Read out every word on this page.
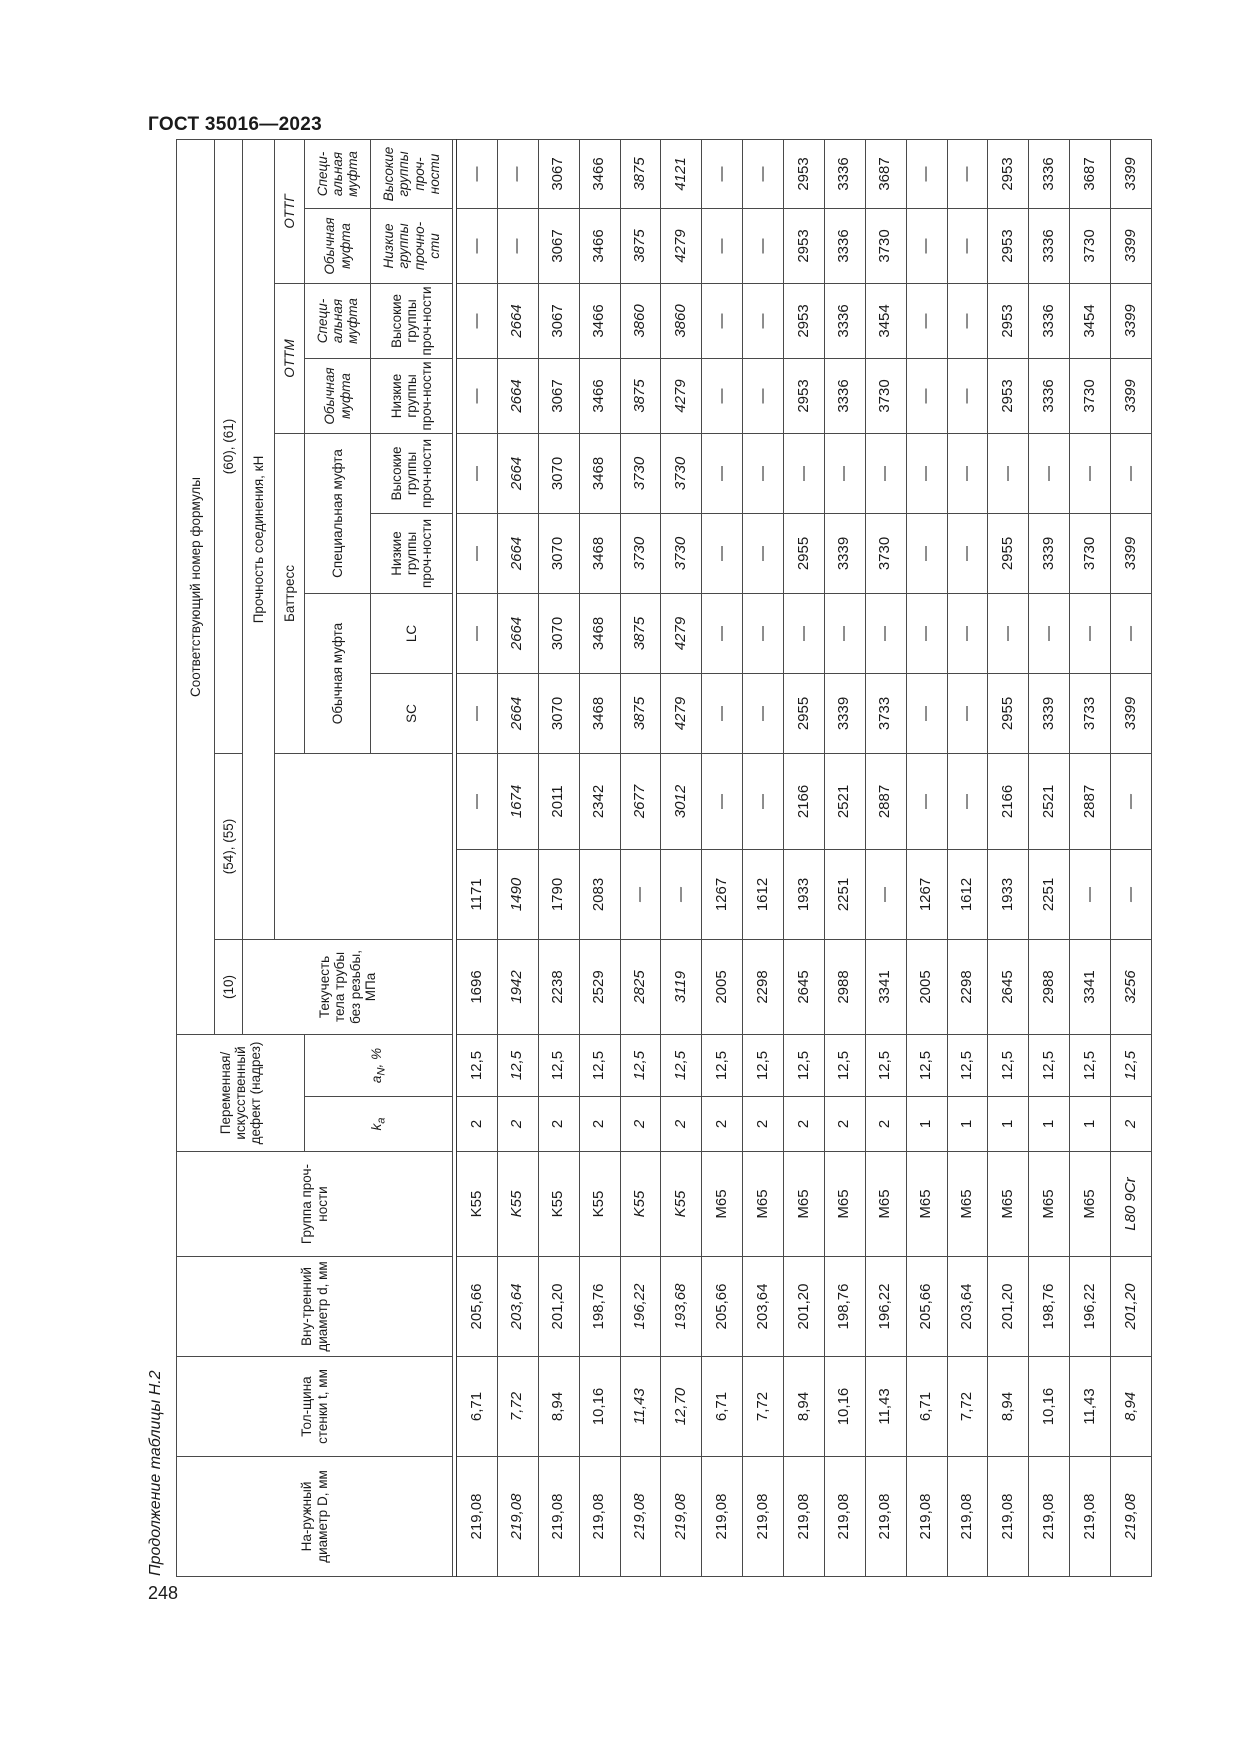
ГОСТ 35016—2023
Продолжение таблицы Н.2
248
На-ружный диаметр D, мм	Тол-щина стенки t, мм	Вну-тренний диаметр d, мм	Группа проч-ности	Переменная/искусственный дефект (надрез)		Соответствующий номер формулы											
						(10)	(54), (55)		(60), (61)								
						Текучесть тела трубы без резьбы, МПа	Прочность соединения, кН										
									Баттресс				ОТТМ		ОТТГ		
				$k_a$	$a_N$, %				Обычная муфта		Специальная муфта		Обычная муфта	Специ-альная муфта	Обычная муфта	Специ-альная муфта	
									SC	LC	Низкие группы проч-ности	Высокие группы проч-ности	Низкие группы проч-ности	Высокие группы проч-ности	Низкие группы прочно-сти	Высокие группы проч-ности		

219,08	6,71	205,66	K55	2	12,5	1696	1171	—	—	—	—	—	—	—	—	—	
219,08	7,72	203,64	K55	2	12,5	1942	1490	1674	2664	2664	2664	2664	2664	2664	—	—	
219,08	8,94	201,20	K55	2	12,5	2238	1790	2011	3070	3070	3070	3070	3067	3067	3067	3067	
219,08	10,16	198,76	K55	2	12,5	2529	2083	2342	3468	3468	3468	3468	3466	3466	3466	3466	
219,08	11,43	196,22	K55	2	12,5	2825	—	2677	3875	3875	3730	3730	3875	3860	3875	3875	
219,08	12,70	193,68	K55	2	12,5	3119	—	3012	4279	4279	3730	3730	4279	3860	4279	4121	
219,08	6,71	205,66	M65	2	12,5	2005	1267	—	—	—	—	—	—	—	—	—	
219,08	7,72	203,64	M65	2	12,5	2298	1612	—	—	—	—	—	—	—	—	—	
219,08	8,94	201,20	M65	2	12,5	2645	1933	2166	2955	—	2955	—	2953	2953	2953	2953	
219,08	10,16	198,76	M65	2	12,5	2988	2251	2521	3339	—	3339	—	3336	3336	3336	3336	
219,08	11,43	196,22	M65	2	12,5	3341	—	2887	3733	—	3730	—	3730	3454	3730	3687	
219,08	6,71	205,66	M65	1	12,5	2005	1267	—	—	—	—	—	—	—	—	—	
219,08	7,72	203,64	M65	1	12,5	2298	1612	—	—	—	—	—	—	—	—	—	
219,08	8,94	201,20	M65	1	12,5	2645	1933	2166	2955	—	2955	—	2953	2953	2953	2953	
219,08	10,16	198,76	M65	1	12,5	2988	2251	2521	3339	—	3339	—	3336	3336	3336	3336	
219,08	11,43	196,22	M65	1	12,5	3341	—	2887	3733	—	3730	—	3730	3454	3730	3687	
219,08	8,94	201,20	L80 9Cr	2	12,5	3256	—	—	3399	—	3399	—	3399	3399	3399	3399	
